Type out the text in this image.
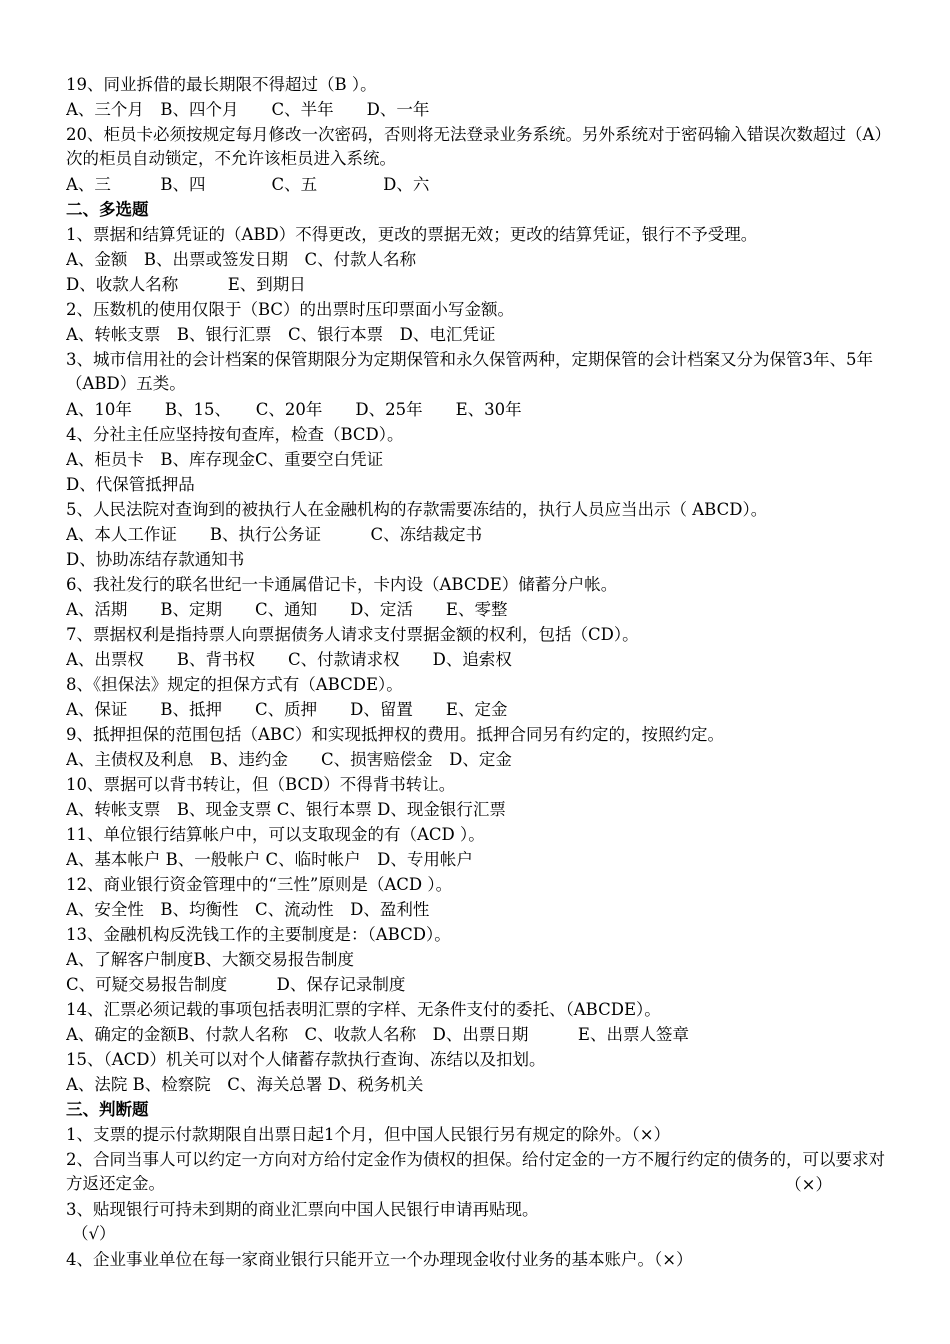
19、同业拆借的最长期限不得超过（B ）。
A、三个月　B、四个月　　C、半年　　D、一年
20、柜员卡必须按规定每月修改一次密码，否则将无法登录业务系统。另外系统对于密码输入错误次数超过（A）次的柜员自动锁定，不允许该柜员进入系统。
A、三　　　B、四　　　　C、五　　　　D、六
二、多选题
1、票据和结算凭证的（ABD）不得更改，更改的票据无效；更改的结算凭证，银行不予受理。
A、金额　B、出票或签发日期　C、付款人名称
D、收款人名称　　　E、到期日
2、压数机的使用仅限于（BC）的出票时压印票面小写金额。
A、转帐支票　B、银行汇票　C、银行本票　D、电汇凭证
3、城市信用社的会计档案的保管期限分为定期保管和永久保管两种，定期保管的会计档案又分为保管3年、5年（ABD）五类。
A、10年　　B、15、　　C、20年　　D、25年　　E、30年
4、分社主任应坚持按旬查库，检查（BCD）。
A、柜员卡　B、库存现金C、重要空白凭证
D、代保管抵押品
5、人民法院对查询到的被执行人在金融机构的存款需要冻结的，执行人员应当出示（ ABCD）。
A、本人工作证　　B、执行公务证　　　C、冻结裁定书
D、协助冻结存款通知书
6、我社发行的联名世纪一卡通属借记卡，卡内设（ABCDE）储蓄分户帐。
A、活期　　B、定期　　C、通知　　D、定活　　E、零整
7、票据权利是指持票人向票据债务人请求支付票据金额的权利，包括（CD）。
A、出票权　　B、背书权　　C、付款请求权　　D、追索权
8、《担保法》规定的担保方式有（ABCDE）。
A、保证　　B、抵押　　C、质押　　D、留置　　E、定金
9、抵押担保的范围包括（ABC）和实现抵押权的费用。抵押合同另有约定的，按照约定。
A、主债权及利息　B、违约金　　C、损害赔偿金　D、定金
10、票据可以背书转让，但（BCD）不得背书转让。
A、转帐支票　B、现金支票 C、银行本票 D、现金银行汇票
11、单位银行结算帐户中，可以支取现金的有（ACD ）。
A、基本帐户 B、一般帐户 C、临时帐户　D、专用帐户
12、商业银行资金管理中的“三性”原则是（ACD ）。
A、安全性　B、均衡性　C、流动性　D、盈利性
13、金融机构反洗钱工作的主要制度是：（ABCD）。
A、了解客户制度B、大额交易报告制度
C、可疑交易报告制度　　　D、保存记录制度
14、汇票必须记载的事项包括表明汇票的字样、无条件支付的委托、（ABCDE）。
A、确定的金额B、付款人名称　C、收款人名称　D、出票日期　　　E、出票人签章
15、（ACD）机关可以对个人储蓄存款执行查询、冻结以及扣划。
A、法院 B、检察院　C、海关总署 D、税务机关
三、判断题
1、支票的提示付款期限自出票日起1个月，但中国人民银行另有规定的除外。（×）
2、合同当事人可以约定一方向对方给付定金作为债权的担保。给付定金的一方不履行约定的债务的，可以要求对方返还定金。	（×）
3、贴现银行可持未到期的商业汇票向中国人民银行申请再贴现。
（√）
4、企业事业单位在每一家商业银行只能开立一个办理现金收付业务的基本账户。（×）
